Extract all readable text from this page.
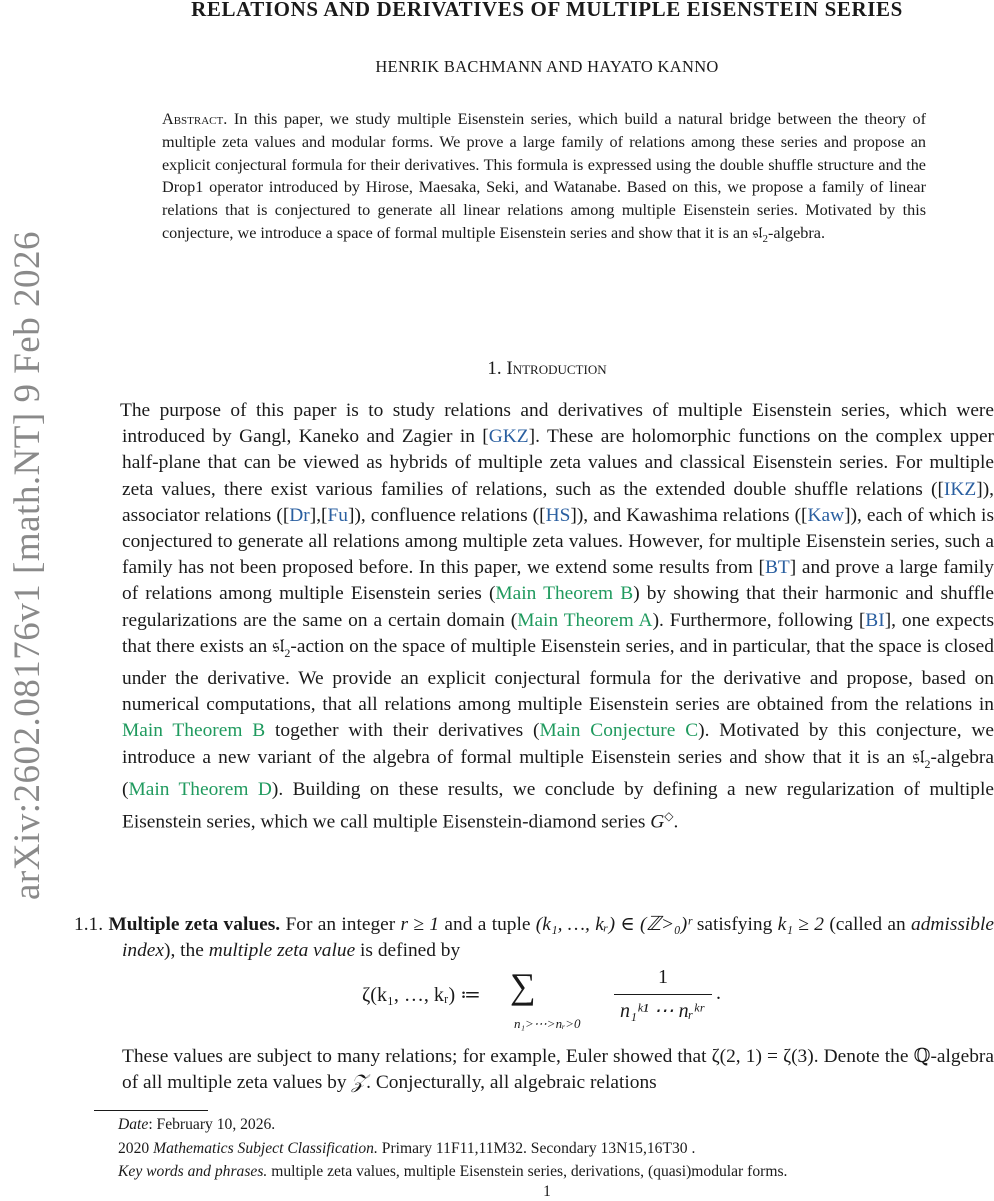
arXiv:2602.08176v1 [math.NT] 9 Feb 2026
RELATIONS AND DERIVATIVES OF MULTIPLE EISENSTEIN SERIES
HENRIK BACHMANN AND HAYATO KANNO
Abstract. In this paper, we study multiple Eisenstein series, which build a natural bridge between the theory of multiple zeta values and modular forms. We prove a large family of relations among these series and propose an explicit conjectural formula for their derivatives. This formula is expressed using the double shuffle structure and the Drop1 operator introduced by Hirose, Maesaka, Seki, and Watanabe. Based on this, we propose a family of linear relations that is conjectured to generate all linear relations among multiple Eisenstein series. Motivated by this conjecture, we introduce a space of formal multiple Eisenstein series and show that it is an 𝔰𝔩$_2$-algebra.
1. Introduction
The purpose of this paper is to study relations and derivatives of multiple Eisenstein series, which were introduced by Gangl, Kaneko and Zagier in [GKZ]. These are holomorphic functions on the complex upper half-plane that can be viewed as hybrids of multiple zeta values and classical Eisenstein series. For multiple zeta values, there exist various families of relations, such as the extended double shuffle relations ([IKZ]), associator relations ([Dr],[Fu]), confluence relations ([HS]), and Kawashima relations ([Kaw]), each of which is conjectured to generate all relations among multiple zeta values. However, for multiple Eisenstein series, such a family has not been proposed before. In this paper, we extend some results from [BT] and prove a large family of relations among multiple Eisenstein series (Main Theorem B) by showing that their harmonic and shuffle regularizations are the same on a certain domain (Main Theorem A). Furthermore, following [BI], one expects that there exists an 𝔰𝔩$_2$-action on the space of multiple Eisenstein series, and in particular, that the space is closed under the derivative. We provide an explicit conjectural formula for the derivative and propose, based on numerical computations, that all relations among multiple Eisenstein series are obtained from the relations in Main Theorem B together with their derivatives (Main Conjecture C). Motivated by this conjecture, we introduce a new variant of the algebra of formal multiple Eisenstein series and show that it is an 𝔰𝔩$_2$-algebra (Main Theorem D). Building on these results, we conclude by defining a new regularization of multiple Eisenstein series, which we call multiple Eisenstein-diamond series G◇.
1.1. Multiple zeta values. For an integer r ≥ 1 and a tuple (k₁, …, kᵣ) ∈ (ℤ>₀)ʳ satisfying k₁ ≥ 2 (called an admissible index), the multiple zeta value is defined by
ζ(k₁, …, kᵣ) ≔ ∑
n₁>⋯>nᵣ>0
1
n₁ᵏ¹ ⋯ nᵣᵏʳ
.
These values are subject to many relations; for example, Euler showed that ζ(2, 1) = ζ(3). Denote the ℚ-algebra of all multiple zeta values by 𝒵. Conjecturally, all algebraic relations
Date: February 10, 2026.
2020 Mathematics Subject Classification. Primary 11F11,11M32. Secondary 13N15,16T30 .
Key words and phrases. multiple zeta values, multiple Eisenstein series, derivations, (quasi)modular forms.
1
